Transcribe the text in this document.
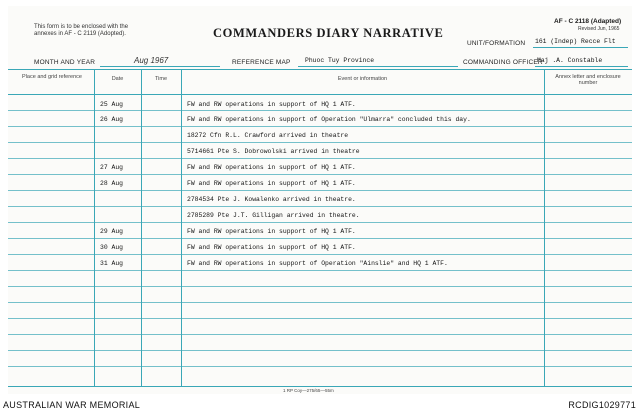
This form is to be enclosed with the
annexes in AF - C 2119 (Adopted).	COMMANDERS DIARY NARRATIVE
AF - C 2118 (Adapted)
Revised Jun, 1965
UNIT/FORMATION 161 (Indep) Recce Flt
MONTH AND YEAR	Aug 1967	REFERENCE MAP Phuoc Tuy Province	COMMANDING OFFICER
Maj .A. Constable
Place and grid reference	Date	Time	Event or information	Annex letter and enclosure number
25 Aug	FW and RW operations in support of HQ 1 ATF.
26 Aug	FW and RW operations in support of Operation "Ulmarra" concluded this day.
18272 Cfn R.L. Crawford arrived in theatre
5714661 Pte S. Dobrowolski arrived in theatre
27 Aug	FW and RW operations in support of HQ 1 ATF.
28 Aug	FW and RW operations in support of HQ 1 ATF.
2784534 Pte J. Kowalenko arrived in theatre.
2785289 Pte J.T. Gilligan arrived in theatre.
29 Aug	FW and RW operations in support of HQ 1 ATF.
30 Aug	FW and RW operations in support of HQ 1 ATF.
31 Aug	FW and RW operations in support of Operation "Ainslie" and HQ 1 ATF.
1 RP Coy—275/65—55m
AUSTRALIAN WAR MEMORIAL	RCDIG1029771
